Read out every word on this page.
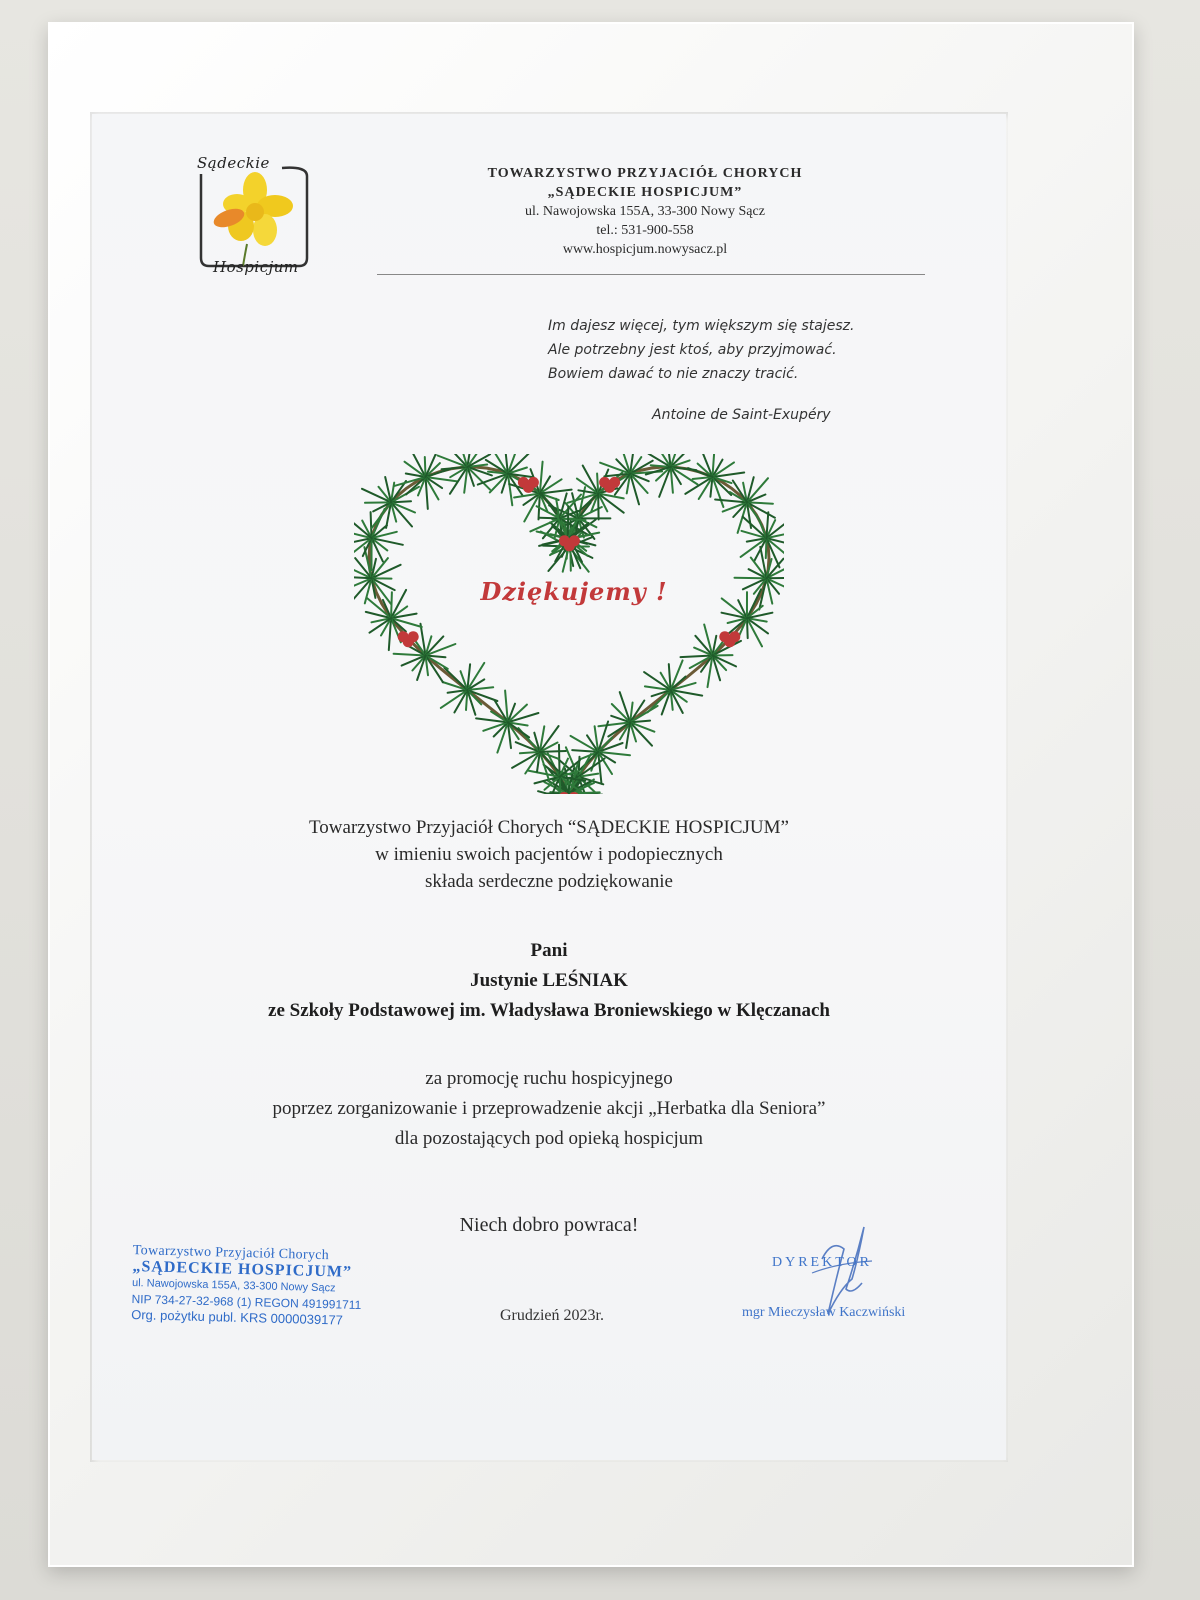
Sądeckie
Hospicjum
TOWARZYSTWO PRZYJACIÓŁ CHORYCH
„SĄDECKIE HOSPICJUM”
ul. Nawojowska 155A, 33-300 Nowy Sącz
tel.: 531-900-558
www.hospicjum.nowysacz.pl
Im dajesz więcej, tym większym się stajesz.
Ale potrzebny jest ktoś, aby przyjmować.
Bowiem dawać to nie znaczy tracić.
Antoine de Saint-Exupéry
Dziękujemy !
Towarzystwo Przyjaciół Chorych “SĄDECKIE HOSPICJUM”
w imieniu swoich pacjentów i podopiecznych
składa serdeczne podziękowanie
Pani
Justynie LEŚNIAK
ze Szkoły Podstawowej im. Władysława Broniewskiego w Klęczanach
za promocję ruchu hospicyjnego
poprzez zorganizowanie i przeprowadzenie akcji „Herbatka dla Seniora”
dla pozostających pod opieką hospicjum
Niech dobro powraca!
Grudzień 2023r.
Towarzystwo Przyjaciół Chorych
„SĄDECKIE HOSPICJUM”
ul. Nawojowska 155A, 33-300 Nowy Sącz
NIP 734-27-32-968 (1) REGON 491991711
Org. pożytku publ. KRS 0000039177
DYREKTOR
mgr Mieczysław Kaczwiński
